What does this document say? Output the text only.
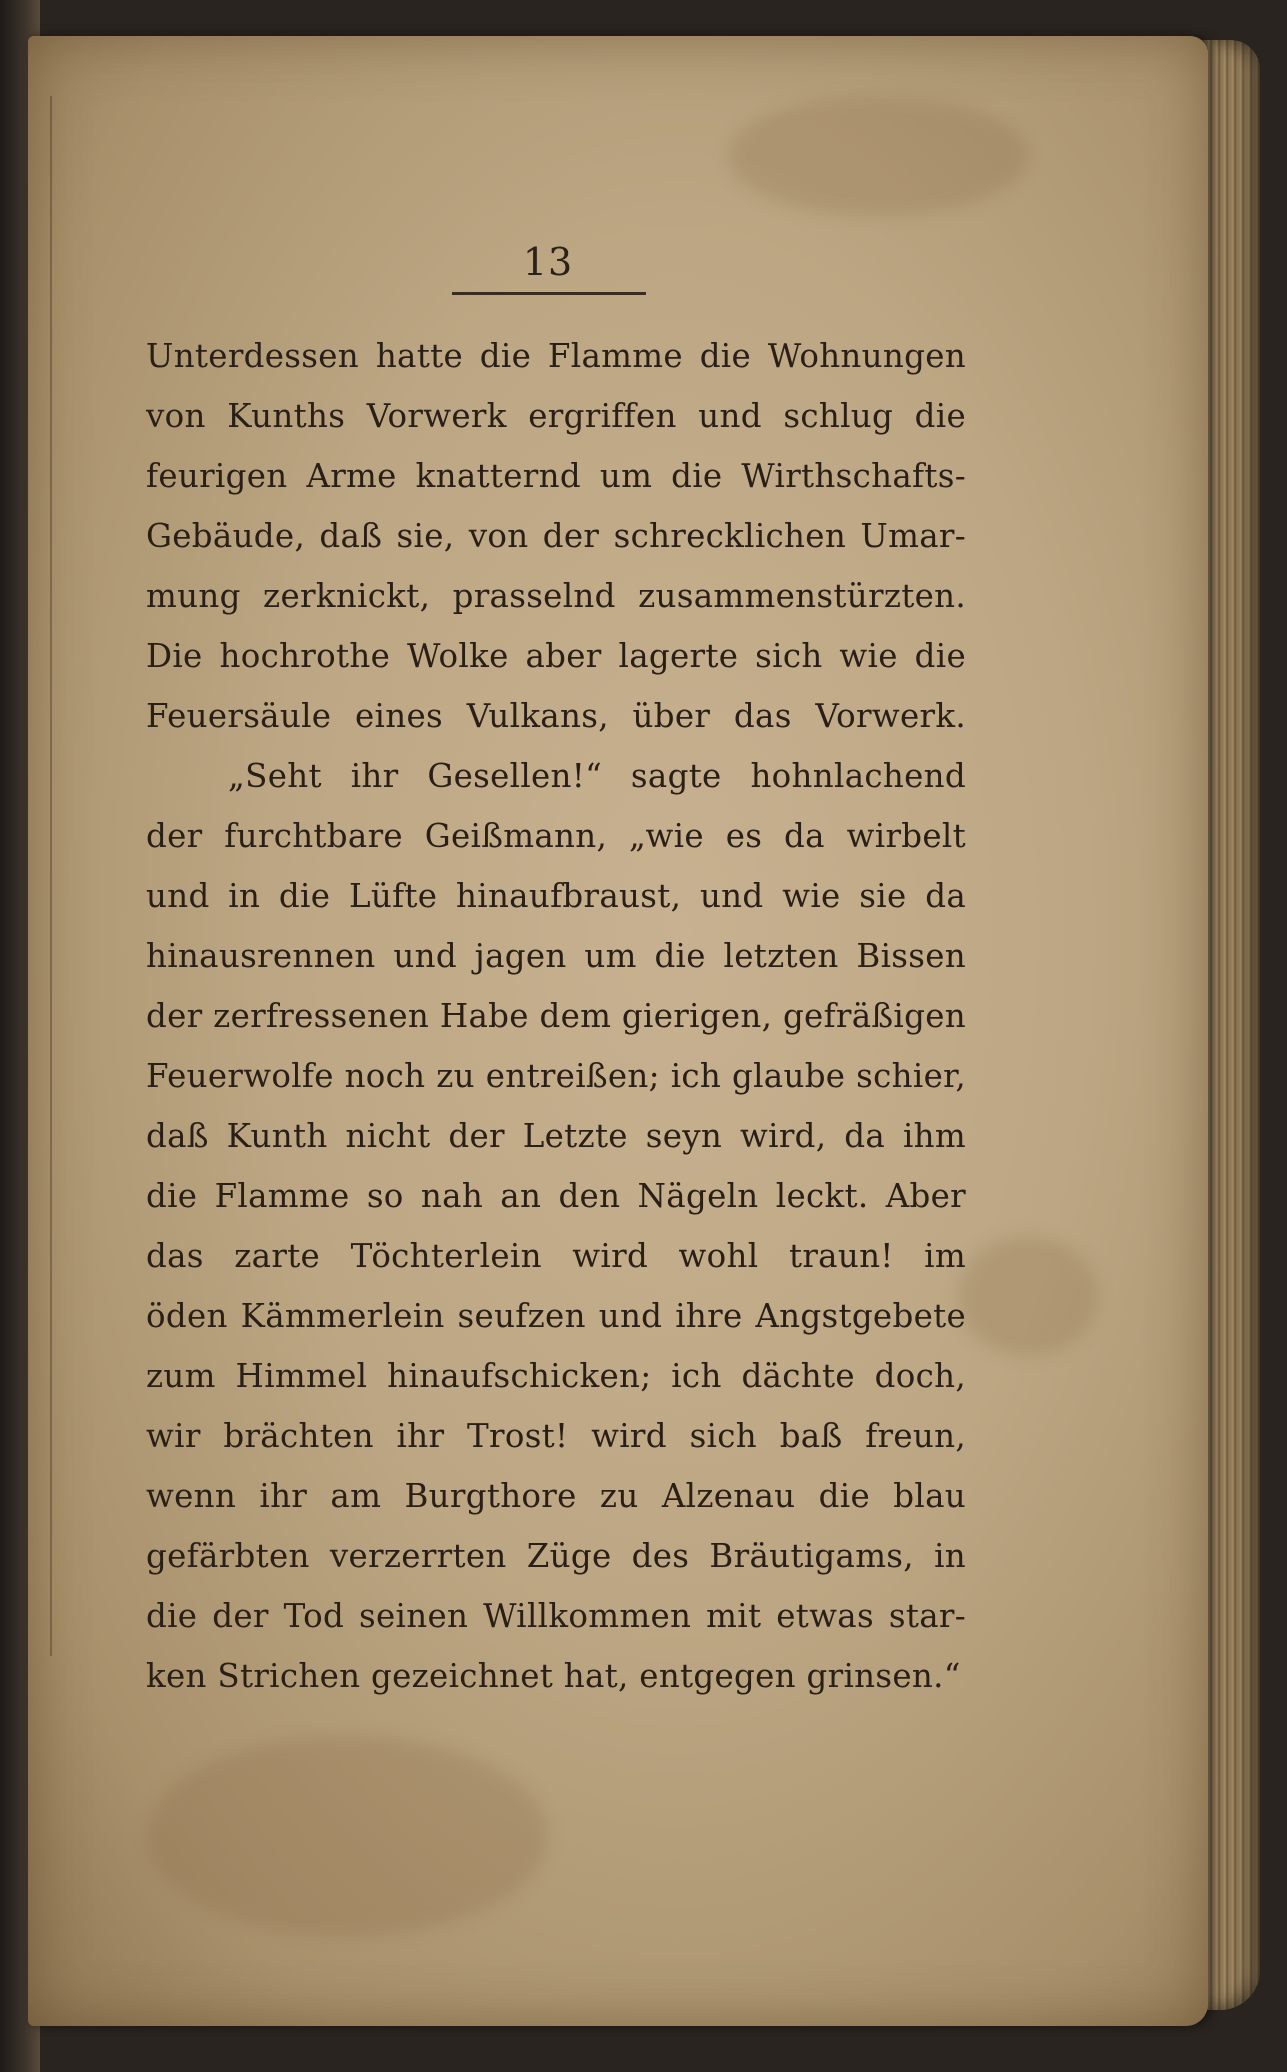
13

Unterdessen hatte die Flamme die Wohnungen
von Kunths Vorwerk ergriffen und schlug die
feurigen Arme knatternd um die Wirthschafts-
Gebäude, daß sie, von der schrecklichen Umar-
mung zerknickt, prasselnd zusammenstürzten.
Die hochrothe Wolke aber lagerte sich wie die
Feuersäule eines Vulkans, über das Vorwerk.
„Seht ihr Gesellen!“ sagte hohnlachend
der furchtbare Geißmann, „wie es da wirbelt
und in die Lüfte hinaufbraust, und wie sie da
hinausrennen und jagen um die letzten Bissen
der zerfressenen Habe dem gierigen, gefräßigen
Feuerwolfe noch zu entreißen; ich glaube schier,
daß Kunth nicht der Letzte seyn wird, da ihm
die Flamme so nah an den Nägeln leckt. Aber
das zarte Töchterlein wird wohl traun! im
öden Kämmerlein seufzen und ihre Angstgebete
zum Himmel hinaufschicken; ich dächte doch,
wir brächten ihr Trost! wird sich baß freun,
wenn ihr am Burgthore zu Alzenau die blau
gefärbten verzerrten Züge des Bräutigams, in
die der Tod seinen Willkommen mit etwas star-
ken Strichen gezeichnet hat, entgegen grinsen.“
